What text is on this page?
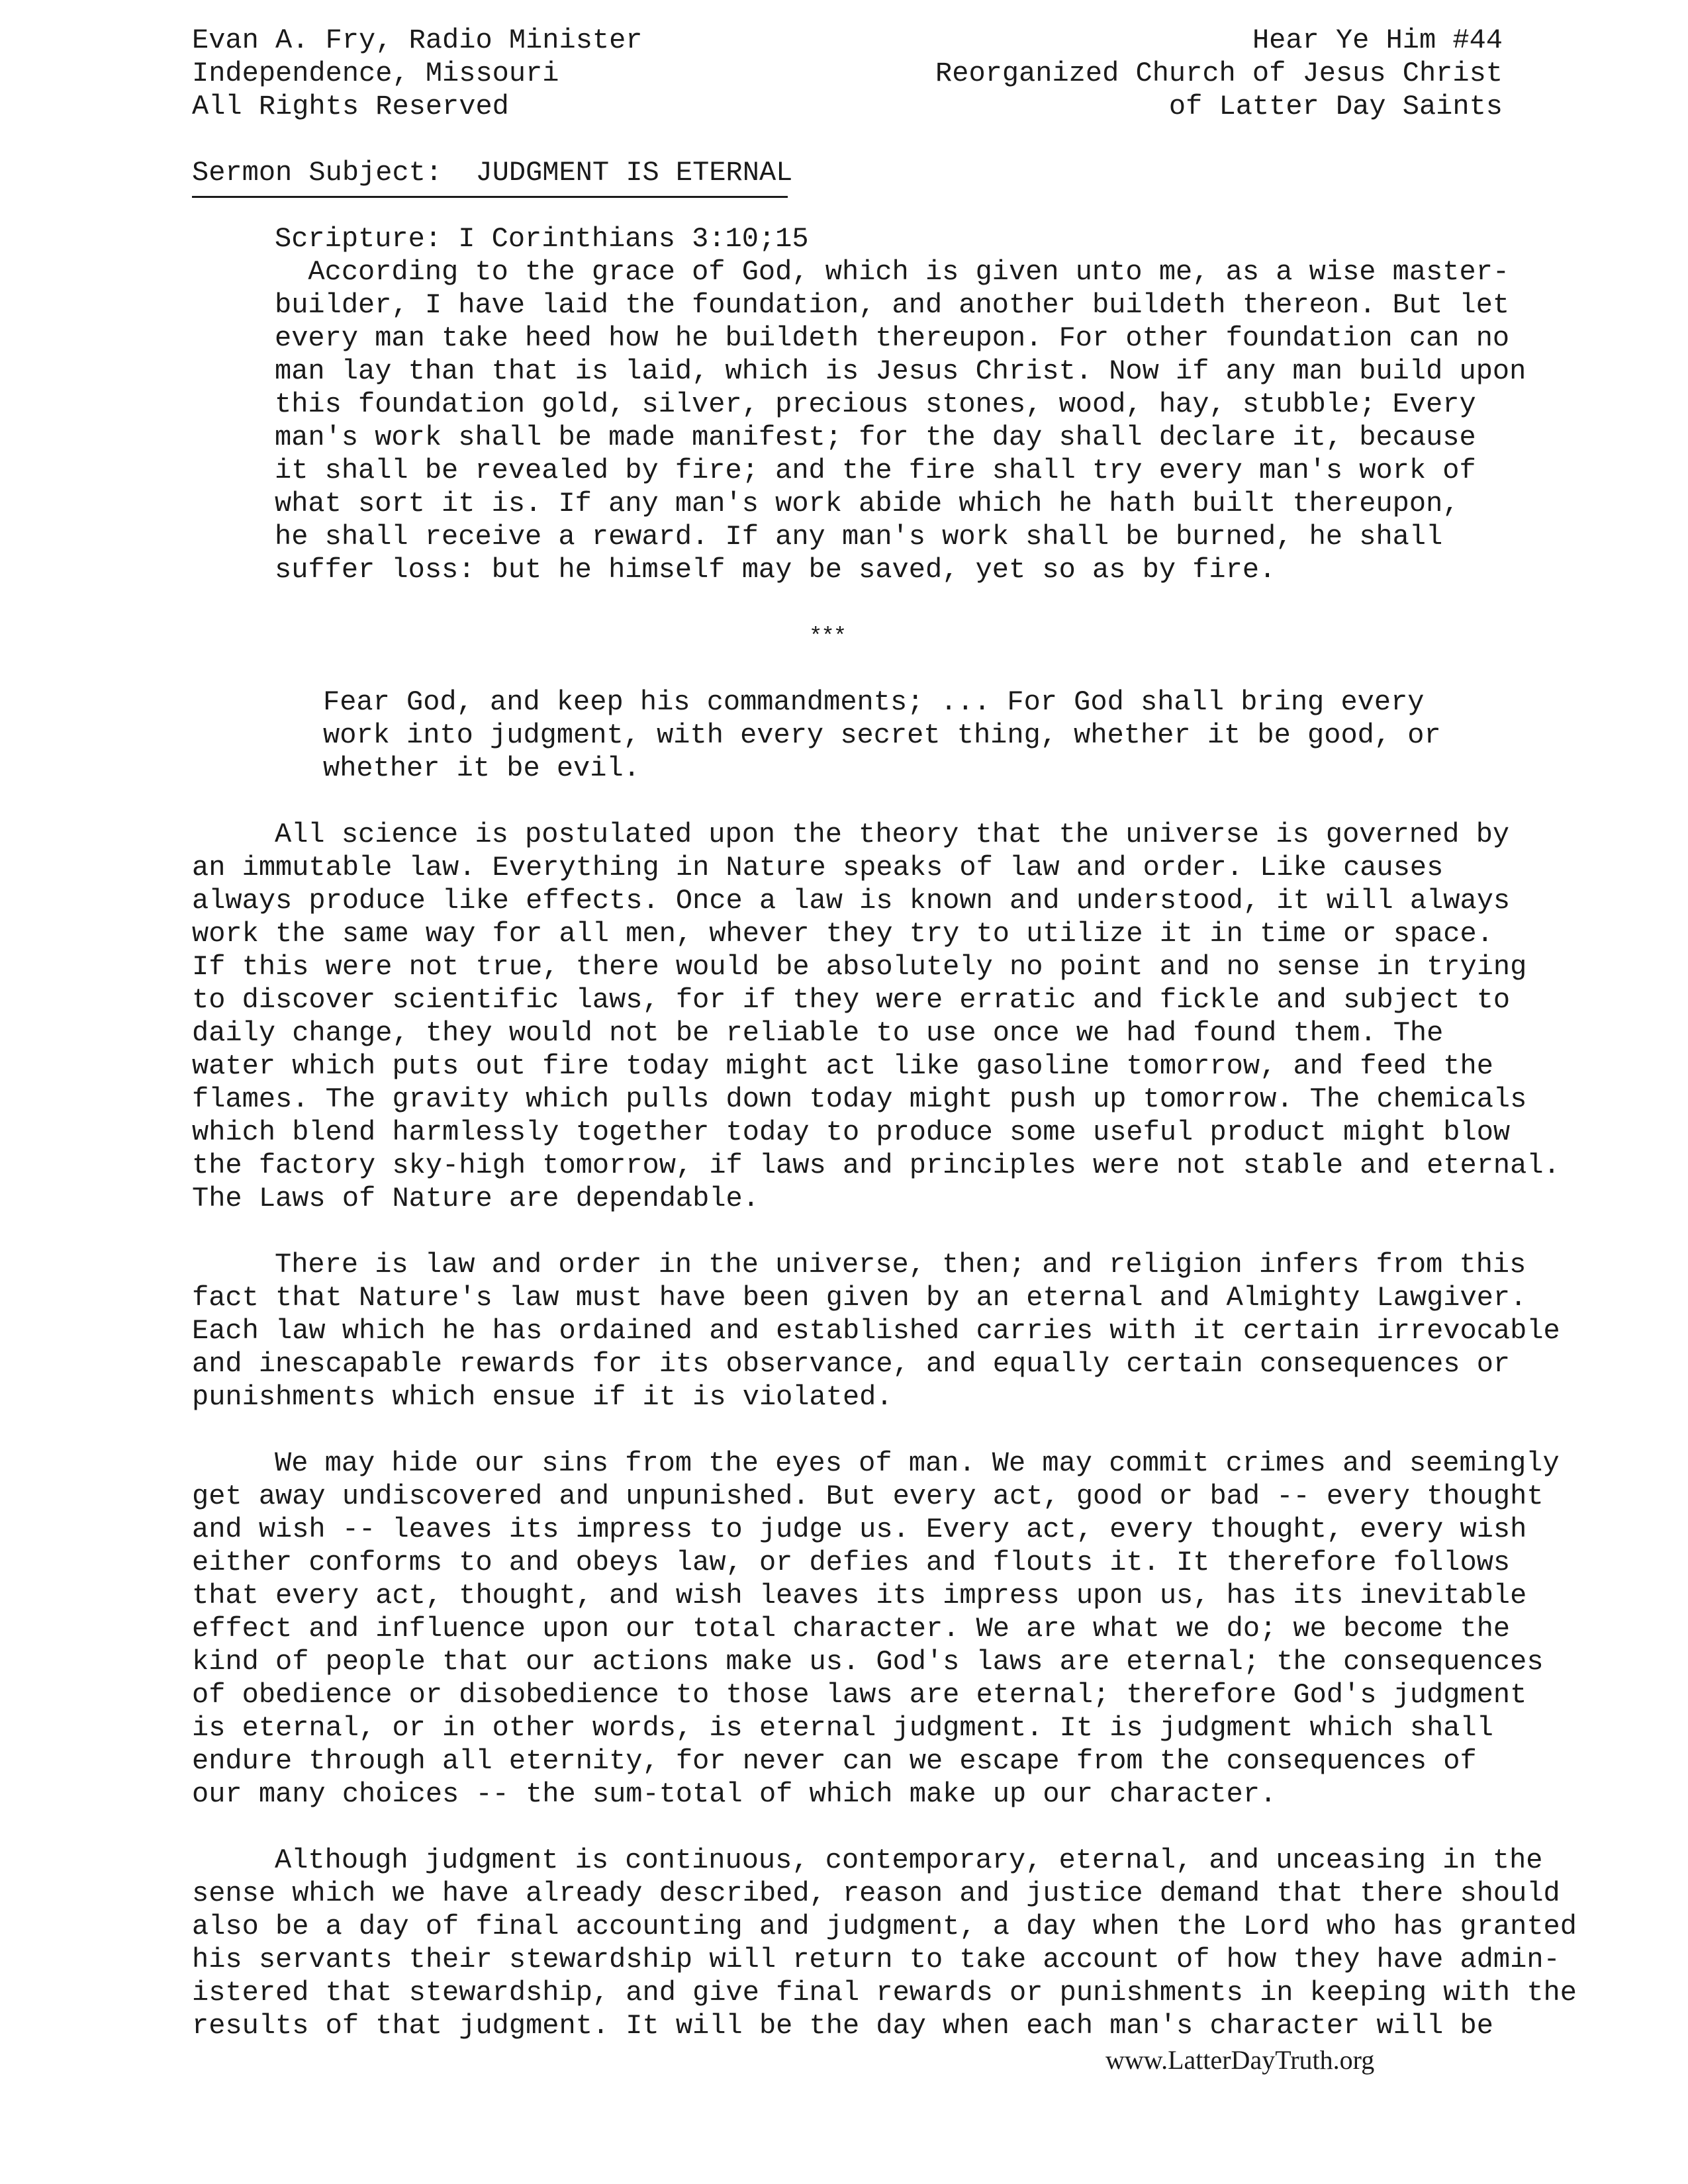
Evan A. Fry, Radio Minister
Independence, Missouri
All Rights Reserved
Hear Ye Him #44
Reorganized Church of Jesus Christ
of Latter Day Saints
Sermon Subject: JUDGMENT IS ETERNAL
Scripture: I Corinthians 3:10;15
According to the grace of God, which is given unto me, as a wise master-
builder, I have laid the foundation, and another buildeth thereon. But let
every man take heed how he buildeth thereupon. For other foundation can no
man lay than that is laid, which is Jesus Christ. Now if any man build upon
this foundation gold, silver, precious stones, wood, hay, stubble; Every
man's work shall be made manifest; for the day shall declare it, because
it shall be revealed by fire; and the fire shall try every man's work of
what sort it is. If any man's work abide which he hath built thereupon,
he shall receive a reward. If any man's work shall be burned, he shall
suffer loss: but he himself may be saved, yet so as by fire.
***
Fear God, and keep his commandments; ... For God shall bring every
work into judgment, with every secret thing, whether it be good, or
whether it be evil.
All science is postulated upon the theory that the universe is governed by
an immutable law. Everything in Nature speaks of law and order. Like causes
always produce like effects. Once a law is known and understood, it will always
work the same way for all men, whever they try to utilize it in time or space.
If this were not true, there would be absolutely no point and no sense in trying
to discover scientific laws, for if they were erratic and fickle and subject to
daily change, they would not be reliable to use once we had found them. The
water which puts out fire today might act like gasoline tomorrow, and feed the
flames. The gravity which pulls down today might push up tomorrow. The chemicals
which blend harmlessly together today to produce some useful product might blow
the factory sky-high tomorrow, if laws and principles were not stable and eternal.
The Laws of Nature are dependable.
There is law and order in the universe, then; and religion infers from this
fact that Nature's law must have been given by an eternal and Almighty Lawgiver.
Each law which he has ordained and established carries with it certain irrevocable
and inescapable rewards for its observance, and equally certain consequences or
punishments which ensue if it is violated.
We may hide our sins from the eyes of man. We may commit crimes and seemingly
get away undiscovered and unpunished. But every act, good or bad -- every thought
and wish -- leaves its impress to judge us. Every act, every thought, every wish
either conforms to and obeys law, or defies and flouts it. It therefore follows
that every act, thought, and wish leaves its impress upon us, has its inevitable
effect and influence upon our total character. We are what we do; we become the
kind of people that our actions make us. God's laws are eternal; the consequences
of obedience or disobedience to those laws are eternal; therefore God's judgment
is eternal, or in other words, is eternal judgment. It is judgment which shall
endure through all eternity, for never can we escape from the consequences of
our many choices -- the sum-total of which make up our character.
Although judgment is continuous, contemporary, eternal, and unceasing in the
sense which we have already described, reason and justice demand that there should
also be a day of final accounting and judgment, a day when the Lord who has granted
his servants their stewardship will return to take account of how they have admin-
istered that stewardship, and give final rewards or punishments in keeping with the
results of that judgment. It will be the day when each man's character will be
www.LatterDayTruth.org
